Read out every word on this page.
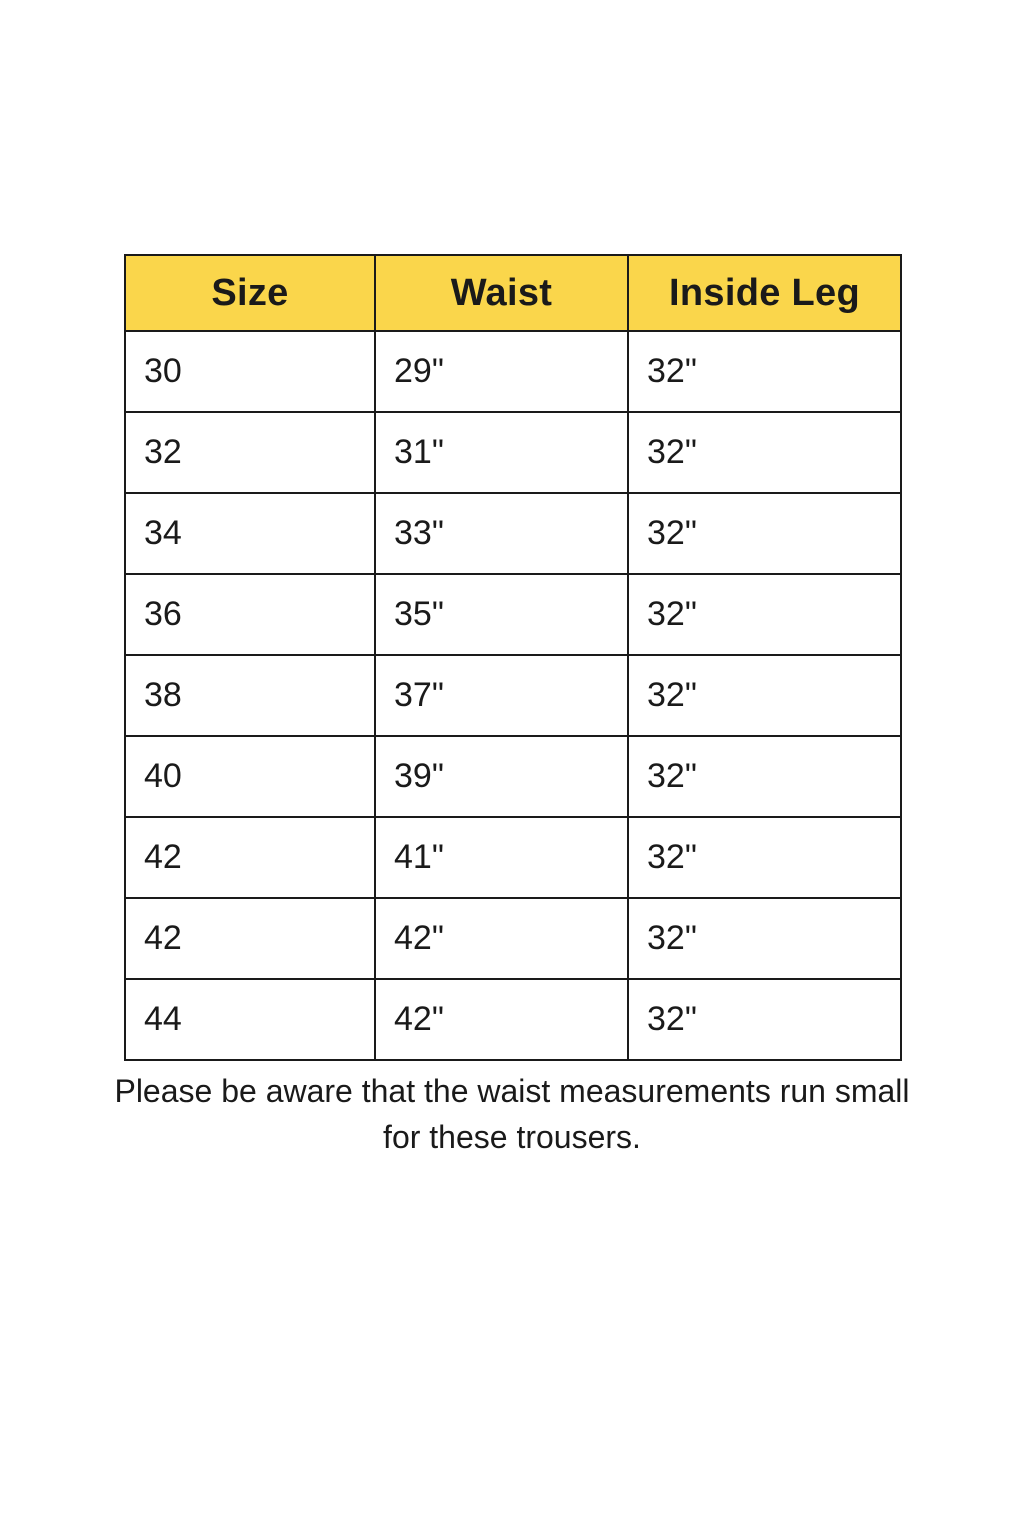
Size	Waist	Inside Leg
30	29"	32"
32	31"	32"
34	33"	32"
36	35"	32"
38	37"	32"
40	39"	32"
42	41"	32"
42	42"	32"
44	42"	32"
Please be aware that the waist measurements run small for these trousers.
